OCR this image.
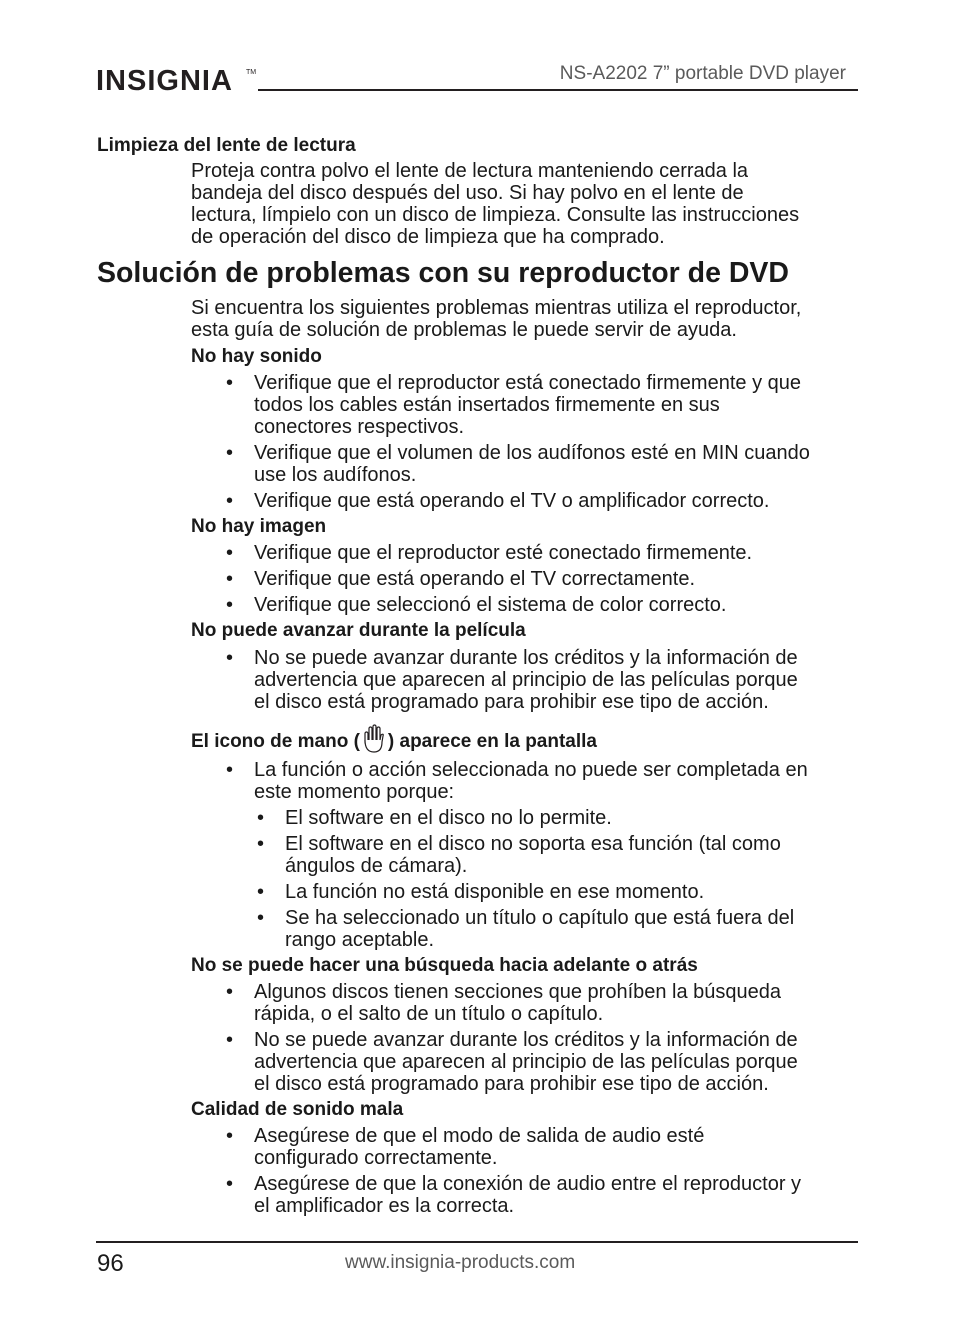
INSIGNIA TM	NS-A2202 7” portable DVD player
Limpieza del lente de lectura
Proteja contra polvo el lente de lectura manteniendo cerrada la
bandeja del disco después del uso. Si hay polvo en el lente de
lectura, límpielo con un disco de limpieza. Consulte las instrucciones
de operación del disco de limpieza que ha comprado.
Solución de problemas con su reproductor de DVD
Si encuentra los siguientes problemas mientras utiliza el reproductor,
esta guía de solución de problemas le puede servir de ayuda.
No hay sonido
• Verifique que el reproductor está conectado firmemente y que
todos los cables están insertados firmemente en sus
conectores respectivos.
• Verifique que el volumen de los audífonos esté en MIN cuando
use los audífonos.
• Verifique que está operando el TV o amplificador correcto.
No hay imagen
• Verifique que el reproductor esté conectado firmemente.
• Verifique que está operando el TV correctamente.
• Verifique que seleccionó el sistema de color correcto.
No puede avanzar durante la película
• No se puede avanzar durante los créditos y la información de
advertencia que aparecen al principio de las películas porque
el disco está programado para prohibir ese tipo de acción.
El icono de mano ( ) aparece en la pantalla
• La función o acción seleccionada no puede ser completada en
este momento porque:
• El software en el disco no lo permite.
• El software en el disco no soporta esa función (tal como
ángulos de cámara).
• La función no está disponible en ese momento.
• Se ha seleccionado un título o capítulo que está fuera del
rango aceptable.
No se puede hacer una búsqueda hacia adelante o atrás
• Algunos discos tienen secciones que prohíben la búsqueda
rápida, o el salto de un título o capítulo.
• No se puede avanzar durante los créditos y la información de
advertencia que aparecen al principio de las películas porque
el disco está programado para prohibir ese tipo de acción.
Calidad de sonido mala
• Asegúrese de que el modo de salida de audio esté
configurado correctamente.
• Asegúrese de que la conexión de audio entre el reproductor y
el amplificador es la correcta.
96	www.insignia-products.com
